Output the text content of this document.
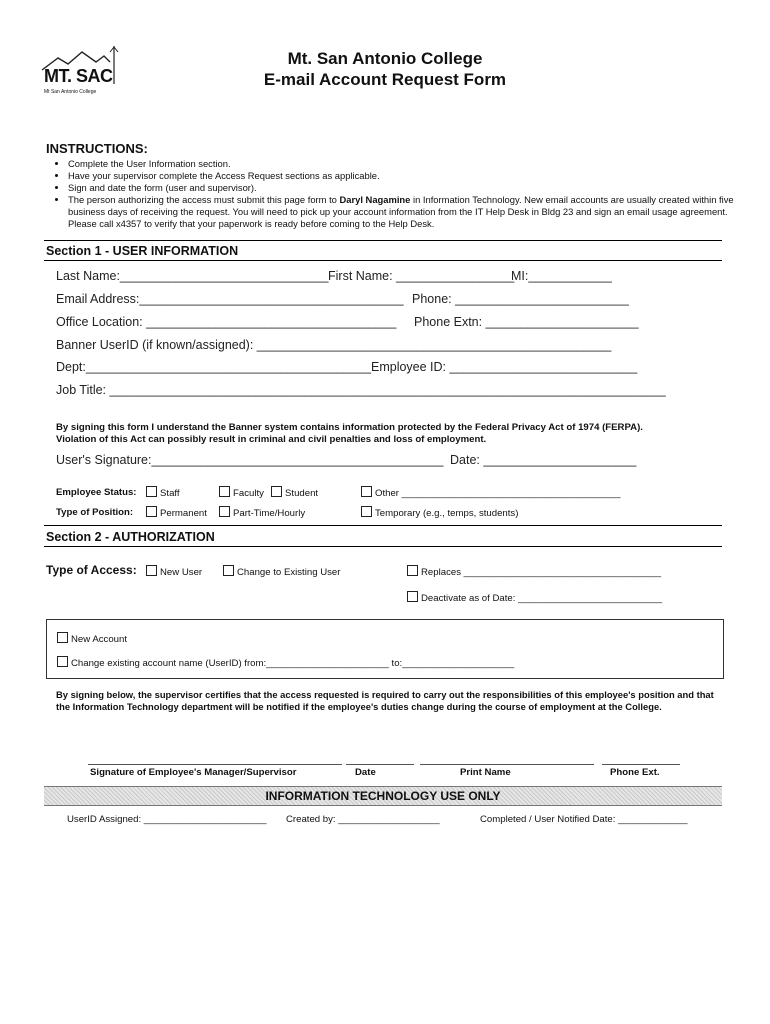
MT. SAC
Mt San Antonio College
Mt. San Antonio College
E-mail Account Request Form
INSTRUCTIONS:
• Complete the User Information section.
• Have your supervisor complete the Access Request sections as applicable.
• Sign and date the form (user and supervisor).
• The person authorizing the access must submit this page form to Daryl Nagamine in Information Technology. New email accounts are usually created within five business days of receiving the request. You will need to pick up your account information from the IT Help Desk in Bldg 23 and sign an email usage agreement. Please call x4357 to verify that your paperwork is ready before coming to the Help Desk.
Section 1 - USER INFORMATION
Last Name:______________________________ First Name: _________________
MI:____________
Email Address:______________________________________ Phone: _________________________
Office Location: ____________________________________ Phone Extn: ______________________
Banner UserID (if known/assigned): ___________________________________________________
Dept:_________________________________________ Employee ID: ___________________________
Job Title: ________________________________________________________________________________
By signing this form I understand the Banner system contains information protected by the Federal Privacy Act of 1974 (FERPA).
Violation of this Act can possibly result in criminal and civil penalties and loss of employment.
User's Signature:__________________________________________ Date: ______________________
Employee Status:	Staff	Faculty	Student	Other _________________________________________
Type of Position:	Permanent	Part-Time/Hourly	Temporary (e.g., temps, students)
Section 2 - AUTHORIZATION
Type of Access:	New User	Change to Existing User	Replaces _____________________________________
Deactivate as of Date: ___________________________
New Account
Change existing account name (UserID) from:_______________________ to:_____________________
By signing below, the supervisor certifies that the access requested is required to carry out the responsibilities of this employee's position and that the Information Technology department will be notified if the employee's duties change during the course of employment at the College.
Signature of Employee's Manager/Supervisor	Date	Print Name	Phone Ext.
INFORMATION TECHNOLOGY USE ONLY
UserID Assigned: _______________________ Created by: ___________________	Completed / User Notified Date: _____________
